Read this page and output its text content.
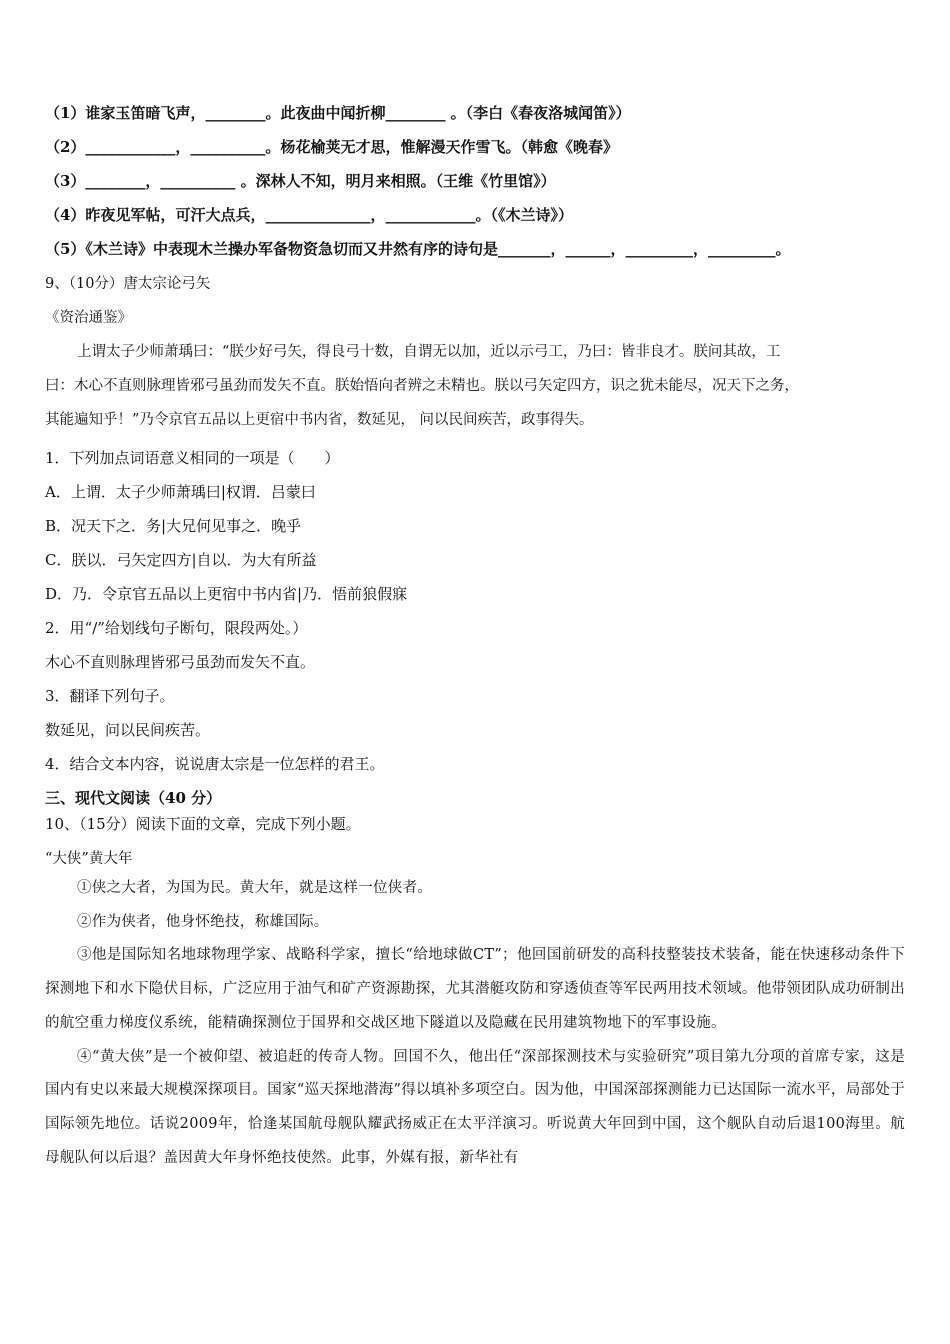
（1）谁家玉笛暗飞声，________。此夜曲中闻折柳________ 。（李白《春夜洛城闻笛》）
（2）____________，__________。杨花榆荚无才思，惟解漫天作雪飞。（韩愈《晚春》
（3）________，__________ 。深林人不知，明月来相照。（王维《竹里馆》）
（4）昨夜见军帖，可汗大点兵，______________，____________。（《木兰诗》）
（5）《木兰诗》中表现木兰操办军备物资急切而又井然有序的诗句是_______，______，_________，_________。
9、（10分）唐太宗论弓矢
《资治通鉴》
上谓太子少师萧瑀曰：“朕少好弓矢，得良弓十数，自谓无以加，近以示弓工，乃曰：皆非良才。朕问其故，工
曰：木心不直则脉理皆邪弓虽劲而发矢不直。朕始悟向者辨之未精也。朕以弓矢定四方，识之犹未能尽，况天下之务，
其能遍知乎！”乃令京官五品以上更宿中书内省，数延见， 问以民间疾苦，政事得失。
1．下列加点词语意义相同的一项是（　　）
A．上谓．太子少师萧瑀曰|权谓．吕蒙曰
B．况天下之．务|大兄何见事之．晚乎
C．朕以．弓矢定四方|自以．为大有所益
D．乃．令京官五品以上更宿中书内省|乃．悟前狼假寐
2．用“/”给划线句子断句，限段两处。）
木心不直则脉理皆邪弓虽劲而发矢不直。
3．翻译下列句子。
数延见，问以民间疾苦。
4．结合文本内容，说说唐太宗是一位怎样的君王。
三、现代文阅读（40 分）
10、（15分）阅读下面的文章，完成下列小题。
“大侠”黄大年

①侠之大者，为国为民。黄大年，就是这样一位侠者。

②作为侠者，他身怀绝技，称雄国际。

③他是国际知名地球物理学家、战略科学家，擅长“给地球做CT”；他回国前研发的高科技整装技术装备，能在快速移动条件下探测地下和水下隐伏目标，广泛应用于油气和矿产资源勘探，尤其潜艇攻防和穿透侦查等军民两用技术领域。他带领团队成功研制出的航空重力梯度仪系统，能精确探测位于国界和交战区地下隧道以及隐藏在民用建筑物地下的军事设施。

④“黄大侠”是一个被仰望、被追赶的传奇人物。回国不久，他出任“深部探测技术与实验研究”项目第九分项的首席专家，这是国内有史以来最大规模深探项目。国家“巡天探地潜海”得以填补多项空白。因为他，中国深部探测能力已达国际一流水平，局部处于国际领先地位。话说2009年，恰逢某国航母舰队耀武扬威正在太平洋演习。听说黄大年回到中国，这个舰队自动后退100海里。航母舰队何以后退？盖因黄大年身怀绝技使然。此事，外媒有报，新华社有
